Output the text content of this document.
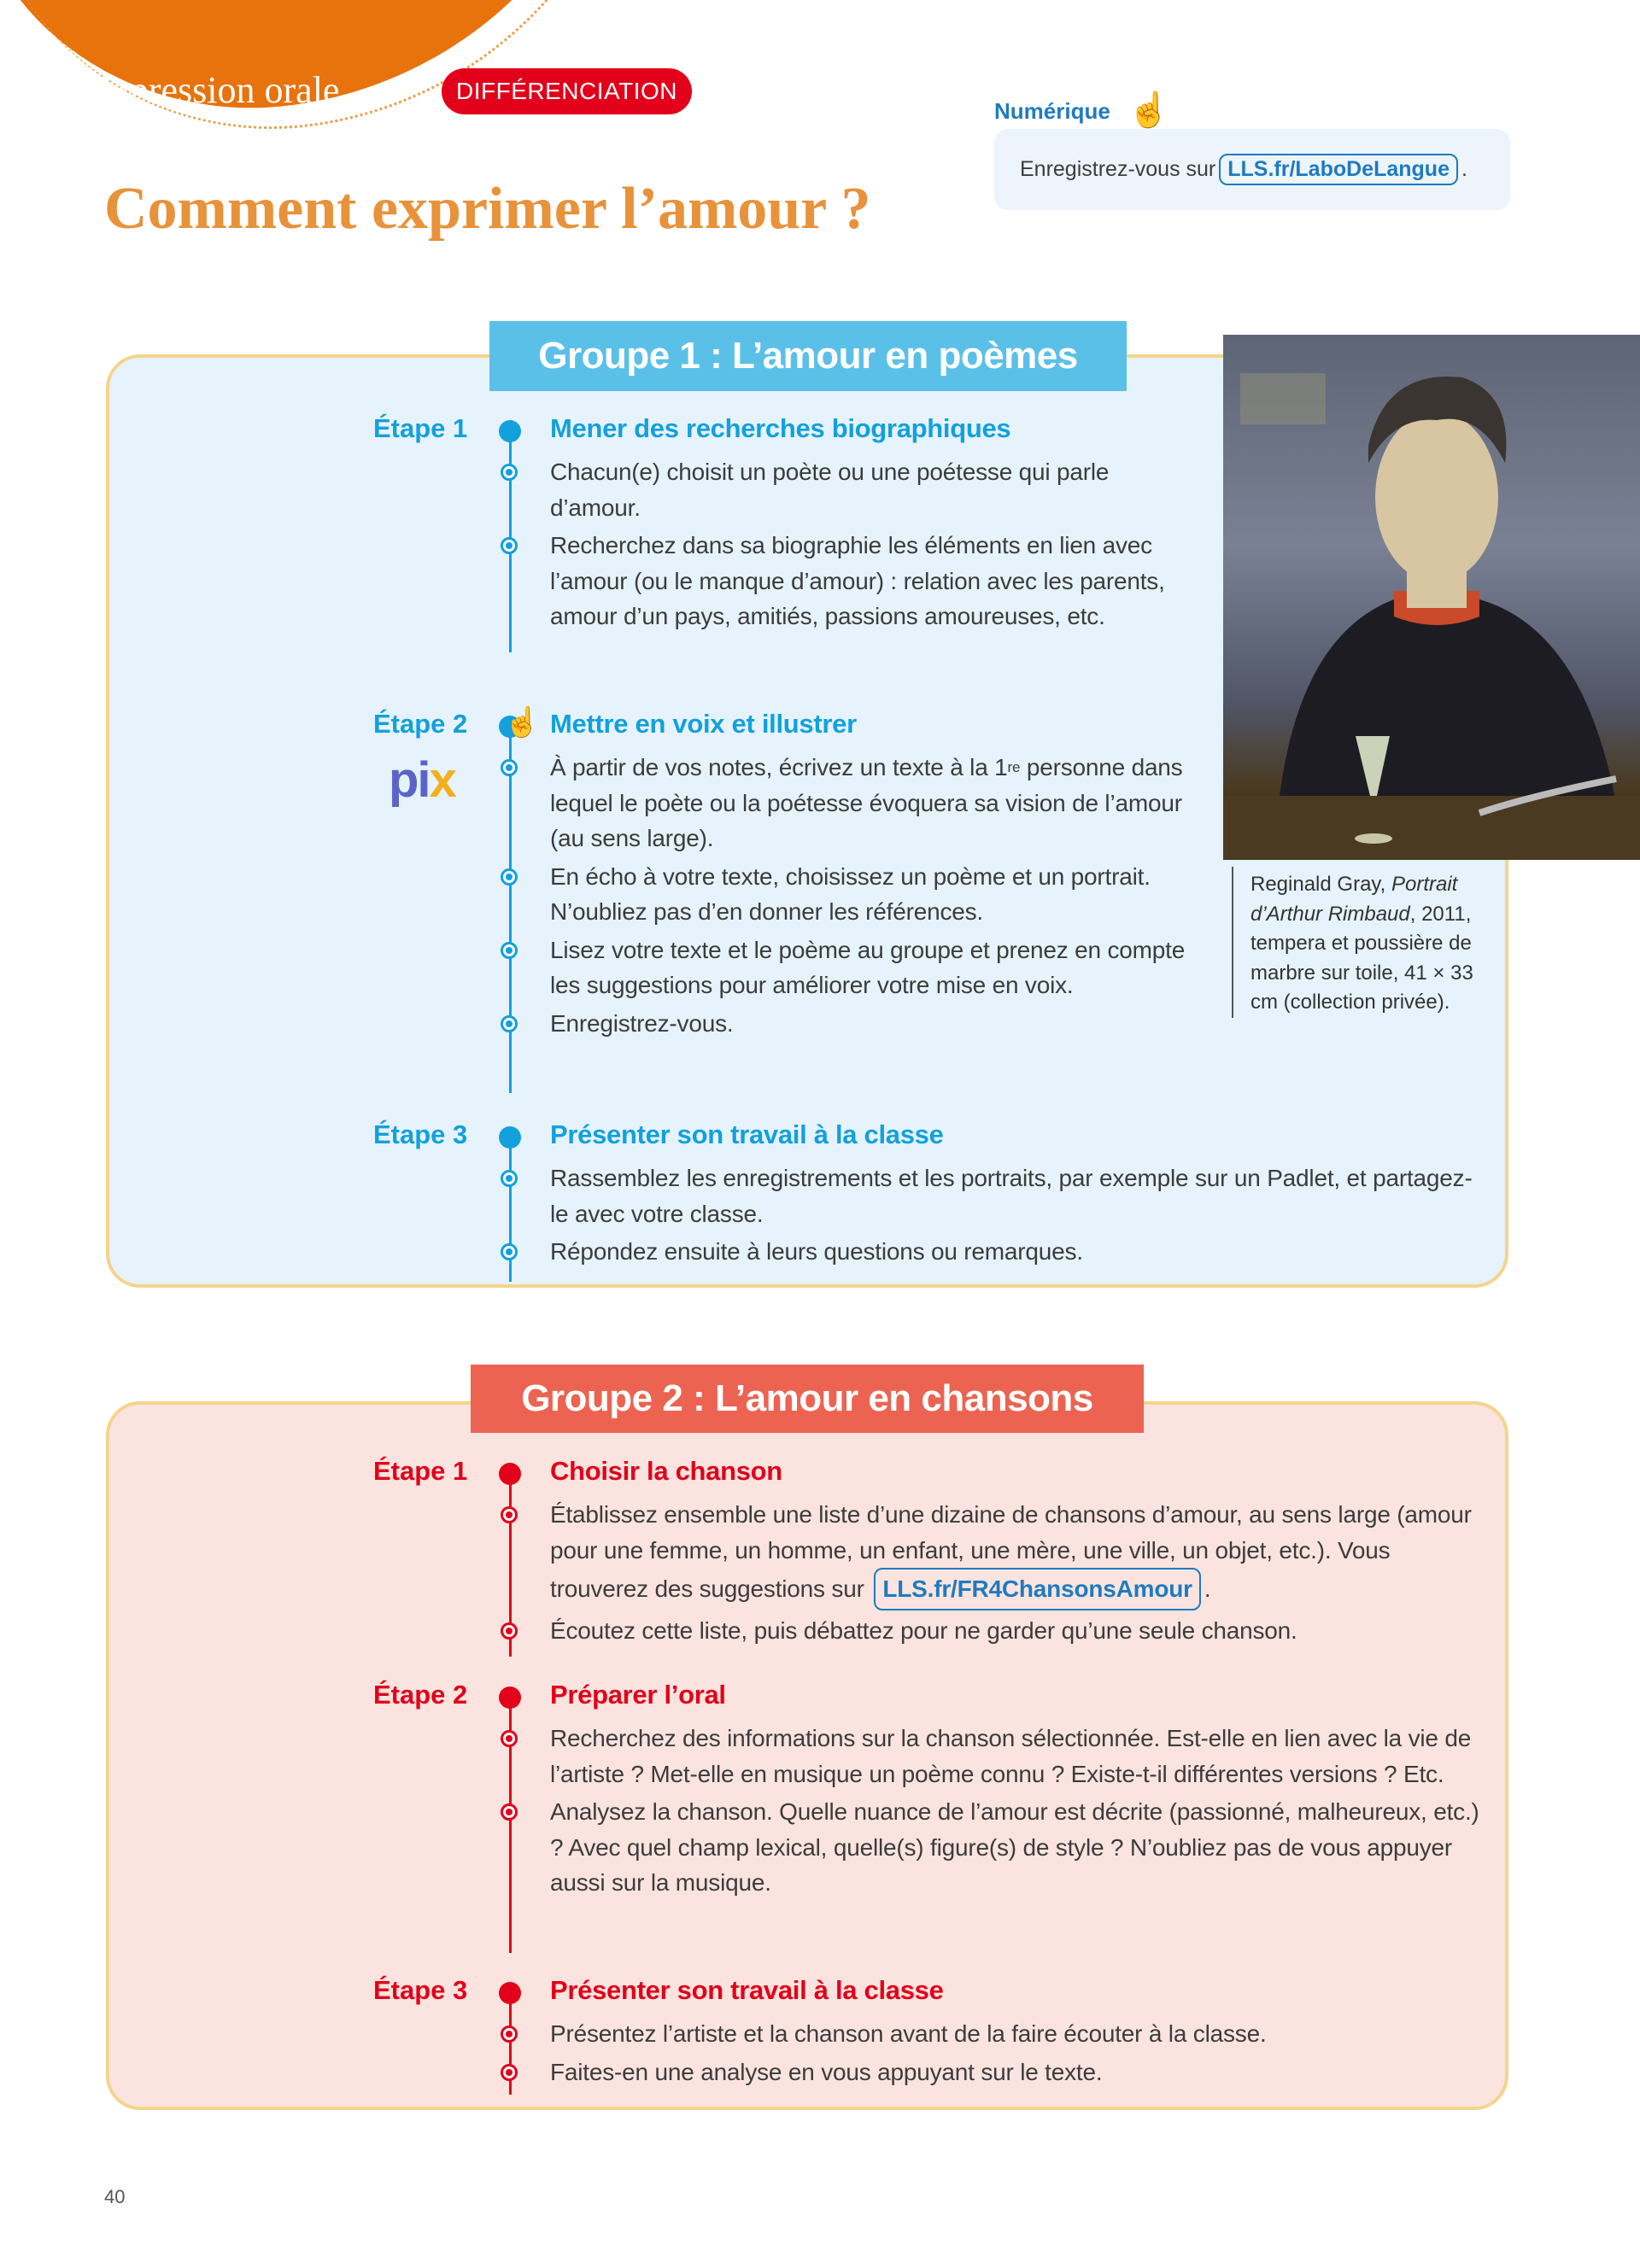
Expression orale	DIFFÉRENCIATION
Comment exprimer l’amour ?
Numérique ☝
Enregistrez-vous sur LLS.fr/LaboDeLangue .
Groupe 1 : L’amour en poèmes
Étape 1	Mener des recherches biographiques
Chacun(e) choisit un poète ou une poétesse qui parle d’amour.
Recherchez dans sa biographie les éléments en lien avec l’amour (ou le manque d’amour) : relation avec les parents, amour d’un pays, amitiés, passions amoureuses, etc.
Étape 2	Mettre en voix et illustrer
À partir de vos notes, écrivez un texte à la 1re personne dans lequel le poète ou la poétesse évoquera sa vision de l’amour (au sens large).
En écho à votre texte, choisissez un poème et un portrait. N’oubliez pas d’en donner les références.
Lisez votre texte et le poème au groupe et prenez en compte les suggestions pour améliorer votre mise en voix.
Enregistrez-vous.
☝
pix
Étape 3	Présenter son travail à la classe
Rassemblez les enregistrements et les portraits, par exemple sur un Padlet, et partagez-le avec votre classe.
Répondez ensuite à leurs questions ou remarques.
Reginald Gray, Portrait d’Arthur Rimbaud, 2011, tempera et poussière de marbre sur toile, 41 × 33 cm (collection privée).
Groupe 2 : L’amour en chansons
Étape 1	Choisir la chanson
Établissez ensemble une liste d’une dizaine de chansons d’amour, au sens large (amour pour une femme, un homme, un enfant, une mère, une ville, un objet, etc.). Vous trouverez des suggestions sur LLS.fr/FR4ChansonsAmour .
Écoutez cette liste, puis débattez pour ne garder qu’une seule chanson.
Étape 2	Préparer l’oral
Recherchez des informations sur la chanson sélectionnée. Est-elle en lien avec la vie de l’artiste ? Met-elle en musique un poème connu ? Existe-t-il différentes versions ? Etc.
Analysez la chanson. Quelle nuance de l’amour est décrite (passionné, malheureux, etc.) ? Avec quel champ lexical, quelle(s) figure(s) de style ? N’oubliez pas de vous appuyer aussi sur la musique.
Étape 3	Présenter son travail à la classe
Présentez l’artiste et la chanson avant de la faire écouter à la classe.
Faites-en une analyse en vous appuyant sur le texte.
40
